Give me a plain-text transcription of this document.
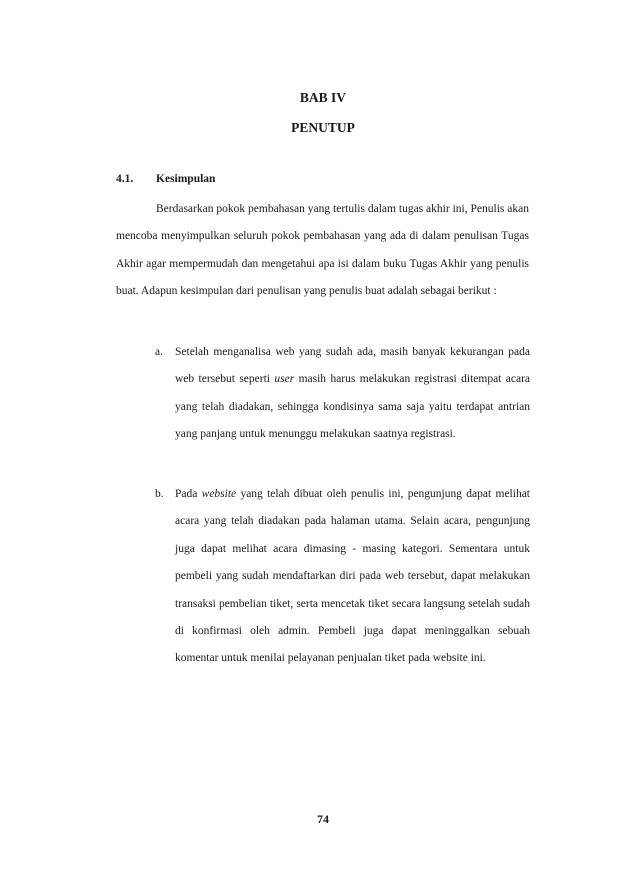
BAB IV
PENUTUP
4.1. Kesimpulan

Berdasarkan pokok pembahasan yang tertulis dalam tugas akhir ini, Penulis akan mencoba menyimpulkan seluruh pokok pembahasan yang ada di dalam penulisan Tugas Akhir agar mempermudah dan mengetahui apa isi dalam buku Tugas Akhir yang penulis buat. Adapun kesimpulan dari penulisan yang penulis buat adalah sebagai berikut :

a. Setelah menganalisa web yang sudah ada, masih banyak kekurangan pada web tersebut seperti user masih harus melakukan registrasi ditempat acara yang telah diadakan, sehingga kondisinya sama saja yaitu terdapat antrian yang panjang untuk menunggu melakukan saatnya registrasi.
b. Pada website yang telah dibuat oleh penulis ini, pengunjung dapat melihat acara yang telah diadakan pada halaman utama. Selain acara, pengunjung juga dapat melihat acara dimasing - masing kategori. Sementara untuk pembeli yang sudah mendaftarkan diri pada web tersebut, dapat melakukan transaksi pembelian tiket, serta mencetak tiket secara langsung setelah sudah di konfirmasi oleh admin. Pembeli juga dapat meninggalkan sebuah komentar untuk menilai pelayanan penjualan tiket pada website ini.
74
